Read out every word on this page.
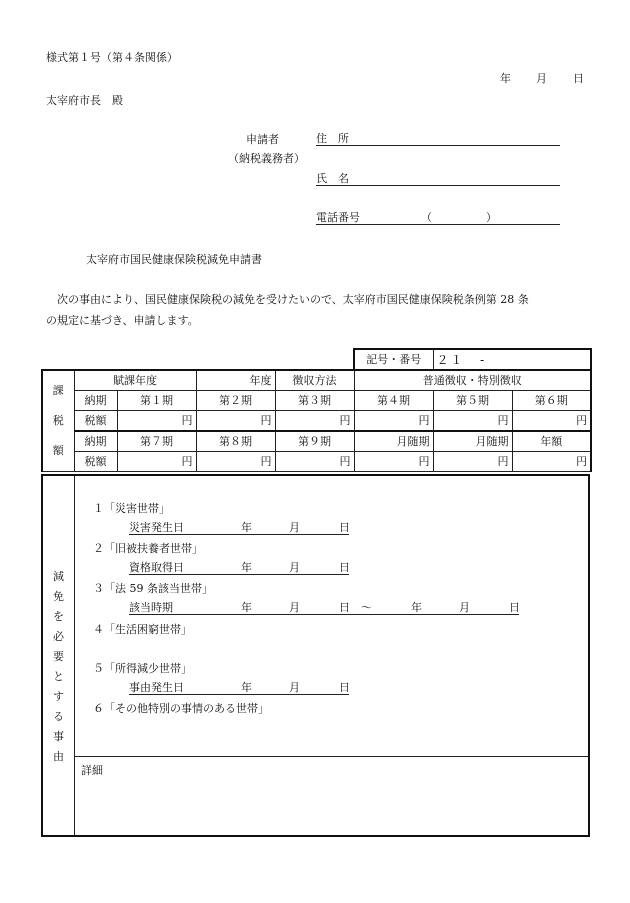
様式第１号（第４条関係）
年 月 日
太宰府市長　殿
申請者
（納税義務者）
住　所
氏　名
電話番号	（	）
太宰府市国民健康保険税減免申請書
　次の事由により、国民健康保険税の減免を受けたいので、太宰府市国民健康保険税条例第 28 条
の規定に基づき、申請します。
					記号・番号	２１　-	

課
税
額	賦課年度		年度	徴収方法	普通徴収・特別徴収		
	納期	第１期	第２期	第３期	第４期	第５期	第６期
	税額	円	円	円	円	円	円
	納期	第７期	第８期	第９期	月随期	月随期	年額
	税額	円	円	円	円	円	円
減
免
を
必
要
と
す
る
事
由
１「災害世帯」
災害発生日	年	月	日
２「旧被扶養者世帯」
資格取得日	年	月	日
３「法 59 条該当世帯」
該当時期	年	月	日 ～	年	月	日
４「生活困窮世帯」
５「所得減少世帯」
事由発生日	年	月	日
６「その他特別の事情のある世帯」
詳細
